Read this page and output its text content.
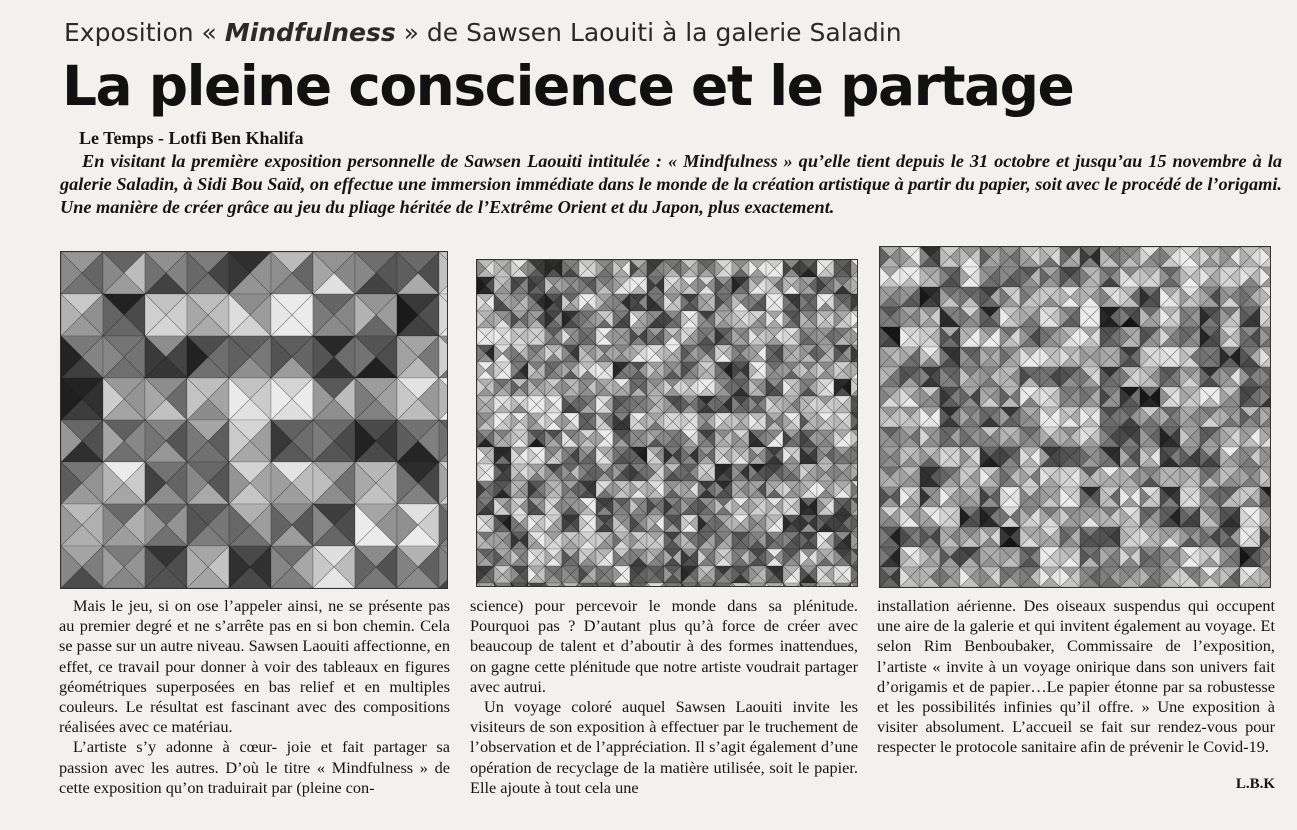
Exposition « Mindfulness » de Sawsen Laouiti à la galerie Saladin
La pleine conscience et le partage
Le Temps - Lotfi Ben Khalifa
En visitant la première exposition personnelle de Sawsen Laouiti intitulée : « Mindfulness » qu’elle tient depuis le 31 octobre et jusqu’au 15 novembre à la galerie Saladin, à Sidi Bou Saïd, on effectue une immersion immédiate dans le monde de la création artistique à partir du papier, soit avec le procédé de l’origami. Une manière de créer grâce au jeu du pliage héritée de l’Extrême Orient et du Japon, plus exactement.

Mais le jeu, si on ose l’appeler ainsi, ne se présente pas au premier degré et ne s’arrête pas en si bon chemin. Cela se passe sur un autre niveau. Sawsen Laouiti affectionne, en effet, ce travail pour donner à voir des tableaux en figures géométriques superposées en bas relief et en multiples couleurs. Le résultat est fascinant avec des compositions réalisées avec ce matériau.

L’artiste s’y adonne à cœur- joie et fait partager sa passion avec les autres. D’où le titre « Mindfulness » de cette exposition qu’on traduirait par (pleine con-

science) pour percevoir le monde dans sa plénitude. Pourquoi pas ? D’autant plus qu’à force de créer avec beaucoup de talent et d’aboutir à des formes inattendues, on gagne cette plénitude que notre artiste voudrait partager avec autrui.

Un voyage coloré auquel Sawsen Laouiti invite les visiteurs de son exposition à effectuer par le truchement de l’observation et de l’appréciation. Il s’agit également d’une opération de recyclage de la matière utilisée, soit le papier. Elle ajoute à tout cela une

installation aérienne. Des oiseaux suspendus qui occupent une aire de la galerie et qui invitent également au voyage. Et selon Rim Benboubaker, Commissaire de l’exposition, l’artiste « invite à un voyage onirique dans son univers fait d’origamis et de papier…Le papier étonne par sa robustesse et les possibilités infinies qu’il offre. » Une exposition à visiter absolument. L’accueil se fait sur rendez-vous pour respecter le protocole sanitaire afin de prévenir le Covid-19.

L.B.K
